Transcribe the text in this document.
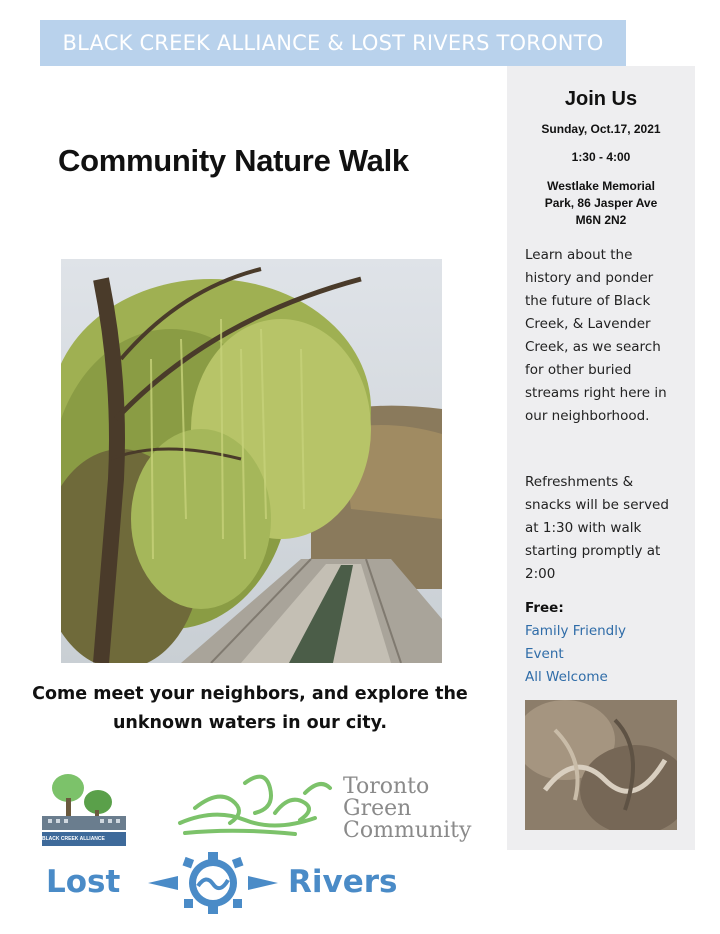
BLACK CREEK ALLIANCE & LOST RIVERS TORONTO
Community Nature Walk
Come meet your neighbors, and explore the
unknown waters in our city.
Join Us
Sunday, Oct.17, 2021
1:30 - 4:00
Westlake Memorial
Park, 86 Jasper Ave
M6N 2N2
Learn about the
history and ponder
the future of Black
Creek, & Lavender
Creek, as we search
for other buried
streams right here in
our neighborhood.
Refreshments &
snacks will be served
at 1:30 with walk
starting promptly at
2:00
Free:
Family Friendly
Event
All Welcome
BLACK CREEK ALLIANCE
Toronto
Green
Community
Lost	Rivers
